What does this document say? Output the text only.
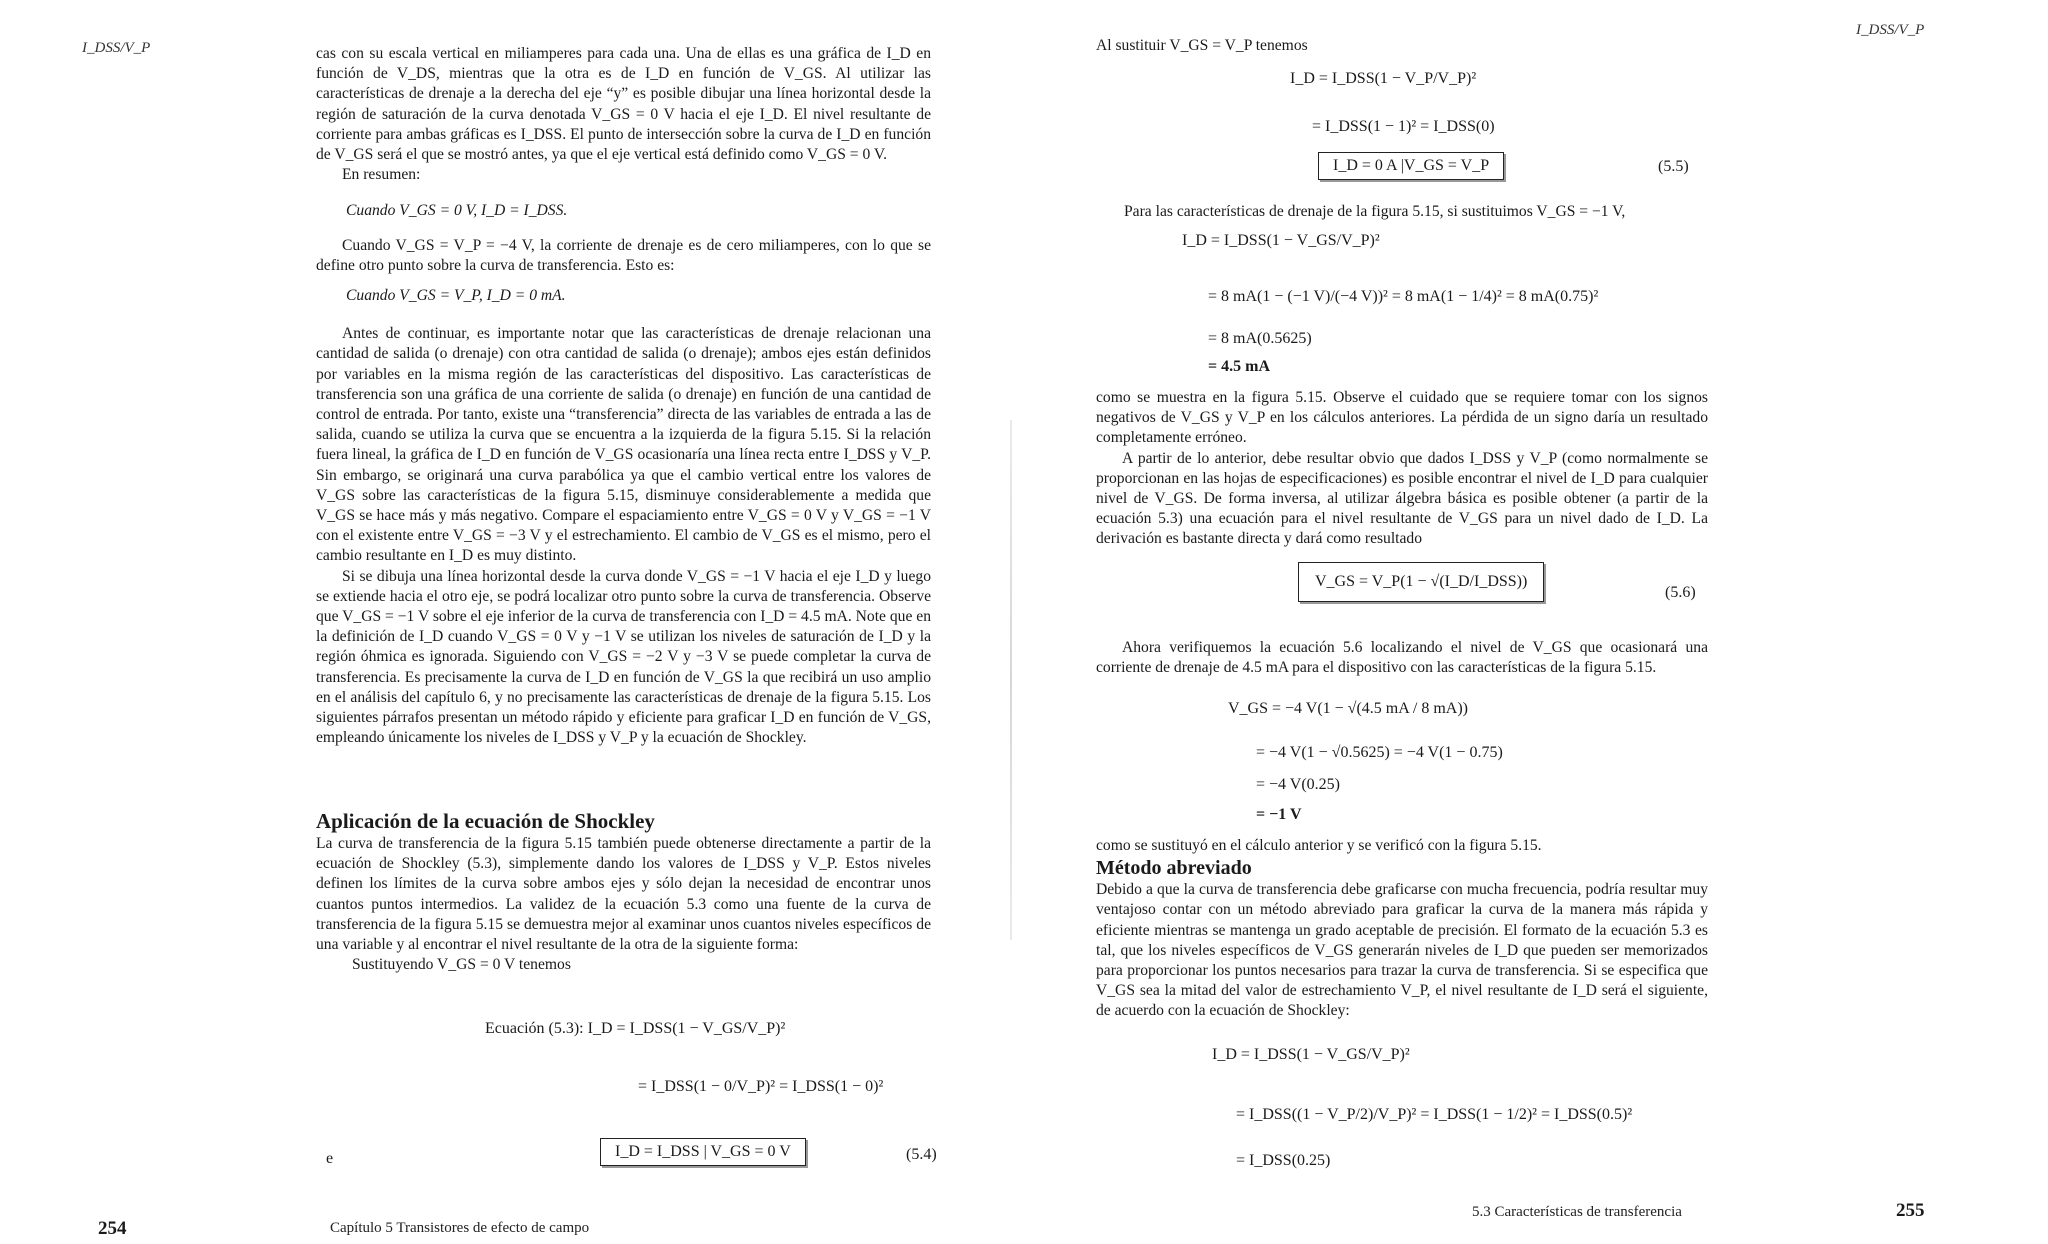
I_DSS/V_P	cas con su escala vertical en miliamperes para cada una. Una de ellas es una gráfica de I_D en función de V_DS, mientras que la otra es de I_D en función de V_GS. Al utilizar las características de drenaje a la derecha del eje “y” es posible dibujar una línea horizontal desde la región de saturación de la curva denotada V_GS = 0 V hacia el eje I_D. El nivel resultante de corriente para ambas gráficas es I_DSS. El punto de intersección sobre la curva de I_D en función de V_GS será el que se mostró antes, ya que el eje vertical está definido como V_GS = 0 V.

En resumen:

Cuando V_GS = 0 V, I_D = I_DSS.

Cuando V_GS = V_P = −4 V, la corriente de drenaje es de cero miliamperes, con lo que se define otro punto sobre la curva de transferencia. Esto es:

Cuando V_GS = V_P, I_D = 0 mA.

Antes de continuar, es importante notar que las características de drenaje relacionan una cantidad de salida (o drenaje) con otra cantidad de salida (o drenaje); ambos ejes están definidos por variables en la misma región de las características del dispositivo. Las características de transferencia son una gráfica de una corriente de salida (o drenaje) en función de una cantidad de control de entrada. Por tanto, existe una “transferencia” directa de las variables de entrada a las de salida, cuando se utiliza la curva que se encuentra a la izquierda de la figura 5.15. Si la relación fuera lineal, la gráfica de I_D en función de V_GS ocasionaría una línea recta entre I_DSS y V_P. Sin embargo, se originará una curva parabólica ya que el cambio vertical entre los valores de V_GS sobre las características de la figura 5.15, disminuye considerablemente a medida que V_GS se hace más y más negativo. Compare el espaciamiento entre V_GS = 0 V y V_GS = −1 V con el existente entre V_GS = −3 V y el estrechamiento. El cambio de V_GS es el mismo, pero el cambio resultante en I_D es muy distinto.

Si se dibuja una línea horizontal desde la curva donde V_GS = −1 V hacia el eje I_D y luego se extiende hacia el otro eje, se podrá localizar otro punto sobre la curva de transferencia. Observe que V_GS = −1 V sobre el eje inferior de la curva de transferencia con I_D = 4.5 mA. Note que en la definición de I_D cuando V_GS = 0 V y −1 V se utilizan los niveles de saturación de I_D y la región óhmica es ignorada. Siguiendo con V_GS = −2 V y −3 V se puede completar la curva de transferencia. Es precisamente la curva de I_D en función de V_GS la que recibirá un uso amplio en el análisis del capítulo 6, y no precisamente las características de drenaje de la figura 5.15. Los siguientes párrafos presentan un método rápido y eficiente para graficar I_D en función de V_GS, empleando únicamente los niveles de I_DSS y V_P y la ecuación de Shockley.

Aplicación de la ecuación de Shockley

La curva de transferencia de la figura 5.15 también puede obtenerse directamente a partir de la ecuación de Shockley (5.3), simplemente dando los valores de I_DSS y V_P. Estos niveles definen los límites de la curva sobre ambos ejes y sólo dejan la necesidad de encontrar unos cuantos puntos intermedios. La validez de la ecuación 5.3 como una fuente de la curva de transferencia de la figura 5.15 se demuestra mejor al examinar unos cuantos niveles específicos de una variable y al encontrar el nivel resultante de la otra de la siguiente forma:

Sustituyendo V_GS = 0 V tenemos

Ecuación (5.3): I_D = I_DSS(1 − V_GS/V_P)²
= I_DSS(1 − 0/V_P)² = I_DSS(1 − 0)²
e	I_D = I_DSS | V_GS = 0 V	(5.4)
254	Capítulo 5 Transistores de efecto de campo
I_DSS/V_P
Al sustituir V_GS = V_P tenemos
I_D = I_DSS(1 − V_P/V_P)²
= I_DSS(1 − 1)² = I_DSS(0)
I_D = 0 A |V_GS = V_P	(5.5)
Para las características de drenaje de la figura 5.15, si sustituimos V_GS = −1 V,
I_D = I_DSS(1 − V_GS/V_P)²
= 8 mA(1 − (−1 V)/(−4 V))² = 8 mA(1 − 1/4)² = 8 mA(0.75)²
= 8 mA(0.5625)
= 4.5 mA

como se muestra en la figura 5.15. Observe el cuidado que se requiere tomar con los signos negativos de V_GS y V_P en los cálculos anteriores. La pérdida de un signo daría un resultado completamente erróneo.

A partir de lo anterior, debe resultar obvio que dados I_DSS y V_P (como normalmente se proporcionan en las hojas de especificaciones) es posible encontrar el nivel de I_D para cualquier nivel de V_GS. De forma inversa, al utilizar álgebra básica es posible obtener (a partir de la ecuación 5.3) una ecuación para el nivel resultante de V_GS para un nivel dado de I_D. La derivación es bastante directa y dará como resultado

V_GS = V_P(1 − √(I_D/I_DSS))
(5.6)
Ahora verifiquemos la ecuación 5.6 localizando el nivel de V_GS que ocasionará una corriente de drenaje de 4.5 mA para el dispositivo con las características de la figura 5.15.
V_GS = −4 V(1 − √(4.5 mA / 8 mA))
= −4 V(1 − √0.5625) = −4 V(1 − 0.75)
= −4 V(0.25)
= −1 V

como se sustituyó en el cálculo anterior y se verificó con la figura 5.15.

Método abreviado

Debido a que la curva de transferencia debe graficarse con mucha frecuencia, podría resultar muy ventajoso contar con un método abreviado para graficar la curva de la manera más rápida y eficiente mientras se mantenga un grado aceptable de precisión. El formato de la ecuación 5.3 es tal, que los niveles específicos de V_GS generarán niveles de I_D que pueden ser memorizados para proporcionar los puntos necesarios para trazar la curva de transferencia. Si se especifica que V_GS sea la mitad del valor de estrechamiento V_P, el nivel resultante de I_D será el siguiente, de acuerdo con la ecuación de Shockley:

I_D = I_DSS(1 − V_GS/V_P)²
= I_DSS((1 − V_P/2)/V_P)² = I_DSS(1 − 1/2)² = I_DSS(0.5)²
= I_DSS(0.25)
5.3 Características de transferencia	255
